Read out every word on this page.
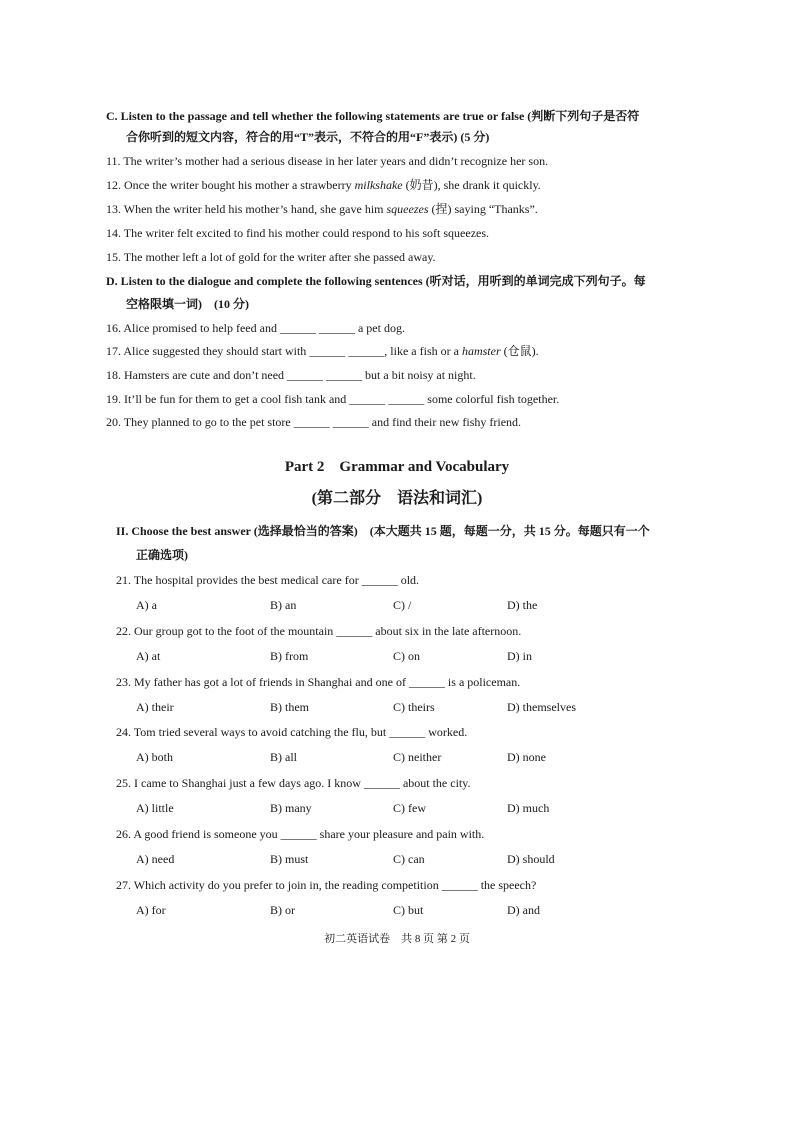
C. Listen to the passage and tell whether the following statements are true or false (判断下列句子是否符
合你听到的短文内容，符合的用“T”表示，不符合的用“F”表示) (5 分)
11. The writer’s mother had a serious disease in her later years and didn’t recognize her son.
12. Once the writer bought his mother a strawberry milkshake (奶昔), she drank it quickly.
13. When the writer held his mother’s hand, she gave him squeezes (捏) saying “Thanks”.
14. The writer felt excited to find his mother could respond to his soft squeezes.
15. The mother left a lot of gold for the writer after she passed away.
D. Listen to the dialogue and complete the following sentences (听对话，用听到的单词完成下列句子。每
空格限填一词)　(10 分)
16. Alice promised to help feed and ______ ______ a pet dog.
17. Alice suggested they should start with ______ ______, like a fish or a hamster (仓鼠).
18. Hamsters are cute and don’t need ______ ______ but a bit noisy at night.
19. It’ll be fun for them to get a cool fish tank and ______ ______ some colorful fish together.
20. They planned to go to the pet store ______ ______ and find their new fishy friend.
Part 2　Grammar and Vocabulary
(第二部分　语法和词汇)
II. Choose the best answer (选择最恰当的答案)　(本大题共 15 题，每题一分，共 15 分。每题只有一个
正确选项)
21. The hospital provides the best medical care for ______ old.
A) a	B) an	C) /	D) the
22. Our group got to the foot of the mountain ______ about six in the late afternoon.
A) at	B) from	C) on	D) in
23. My father has got a lot of friends in Shanghai and one of ______ is a policeman.
A) their	B) them	C) theirs	D) themselves
24. Tom tried several ways to avoid catching the flu, but ______ worked.
A) both	B) all	C) neither	D) none
25. I came to Shanghai just a few days ago. I know ______ about the city.
A) little	B) many	C) few	D) much
26. A good friend is someone you ______ share your pleasure and pain with.
A) need	B) must	C) can	D) should
27. Which activity do you prefer to join in, the reading competition ______ the speech?
A) for	B) or	C) but	D) and
初二英语试卷　共 8 页 第 2 页
